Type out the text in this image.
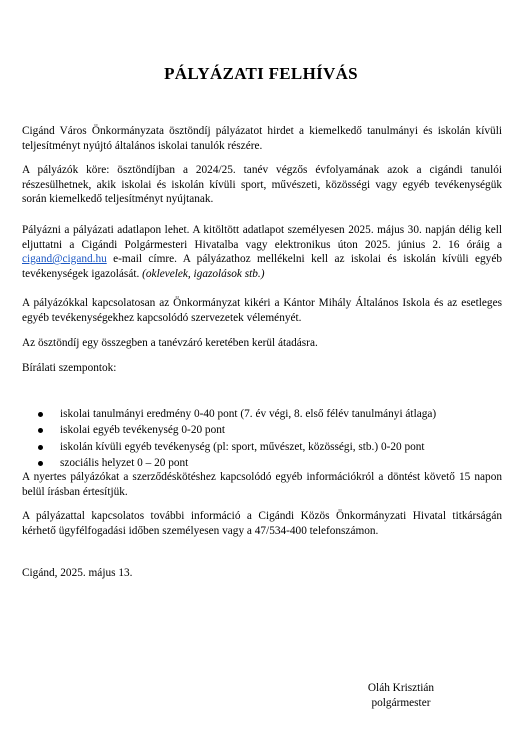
PÁLYÁZATI FELHÍVÁS

Cigánd Város Önkormányzata ösztöndíj pályázatot hirdet a kiemelkedő tanulmányi és iskolán kívüli teljesítményt nyújtó általános iskolai tanulók részére.

A pályázók köre: ösztöndíjban a 2024/25. tanév végzős évfolyamának azok a cigándi tanulói részesülhetnek, akik iskolai és iskolán kívüli sport, művészeti, közösségi vagy egyéb tevékenységük során kiemelkedő teljesítményt nyújtanak.

Pályázni a pályázati adatlapon lehet. A kitöltött adatlapot személyesen 2025. május 30. napján délig kell eljuttatni a Cigándi Polgármesteri Hivatalba vagy elektronikus úton 2025. június 2. 16 óráig a cigand@cigand.hu e-mail címre. A pályázathoz mellékelni kell az iskolai és iskolán kívüli egyéb tevékenységek igazolását. (oklevelek, igazolások stb.)

A pályázókkal kapcsolatosan az Önkormányzat kikéri a Kántor Mihály Általános Iskola és az esetleges egyéb tevékenységekhez kapcsolódó szervezetek véleményét.

Az ösztöndíj egy összegben a tanévzáró keretében kerül átadásra.

Bírálati szempontok:

iskolai tanulmányi eredmény 0-40 pont (7. év végi, 8. első félév tanulmányi átlaga)
iskolai egyéb tevékenység 0-20 pont
iskolán kívüli egyéb tevékenység (pl: sport, művészet, közösségi, stb.) 0-20 pont
szociális helyzet 0 – 20 pont

A nyertes pályázókat a szerződéskötéshez kapcsolódó egyéb információkról a döntést követő 15 napon belül írásban értesítjük.

A pályázattal kapcsolatos további információ a Cigándi Közös Önkormányzati Hivatal titkárságán kérhető ügyfélfogadási időben személyesen vagy a 47/534-400 telefonszámon.

Cigánd, 2025. május 13.

Oláh Krisztián
polgármester
